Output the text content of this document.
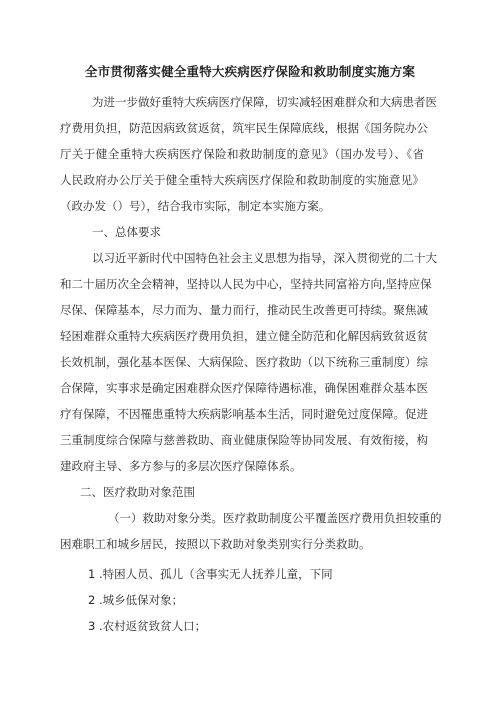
全市贯彻落实健全重特大疾病医疗保险和救助制度实施方案
为进一步做好重特大疾病医疗保障，切实减轻困难群众和大病患者医
疗费用负担，防范因病致贫返贫，筑牢民生保障底线，根据《国务院办公
厅关于健全重特大疾病医疗保险和救助制度的意见》（国办发号）、《省
人民政府办公厅关于健全重特大疾病医疗保险和救助制度的实施意见》
（政办发（）号），结合我市实际，制定本实施方案。
一、总体要求
以习近平新时代中国特色社会主义思想为指导，深入贯彻党的二十大
和二十届历次全会精神，坚持以人民为中心，坚持共同富裕方向,坚持应保
尽保、保障基本，尽力而为、量力而行，推动民生改善更可持续。聚焦减
轻困难群众重特大疾病医疗费用负担，建立健全防范和化解因病致贫返贫
长效机制，强化基本医保、大病保险、医疗救助（以下统称三重制度）综
合保障，实事求是确定困难群众医疗保障待遇标准，确保困难群众基本医
疗有保障，不因罹患重特大疾病影响基本生活，同时避免过度保障。促进
三重制度综合保障与慈善救助、商业健康保险等协同发展、有效衔接，构
建政府主导、多方参与的多层次医疗保障体系。
二、医疗救助对象范围
（一）救助对象分类。医疗救助制度公平覆盖医疗费用负担较重的
困难职工和城乡居民，按照以下救助对象类别实行分类救助。
1 .特困人员、孤儿（含事实无人抚养儿童，下同
2 .城乡低保对象；
3 .农村返贫致贫人口；
